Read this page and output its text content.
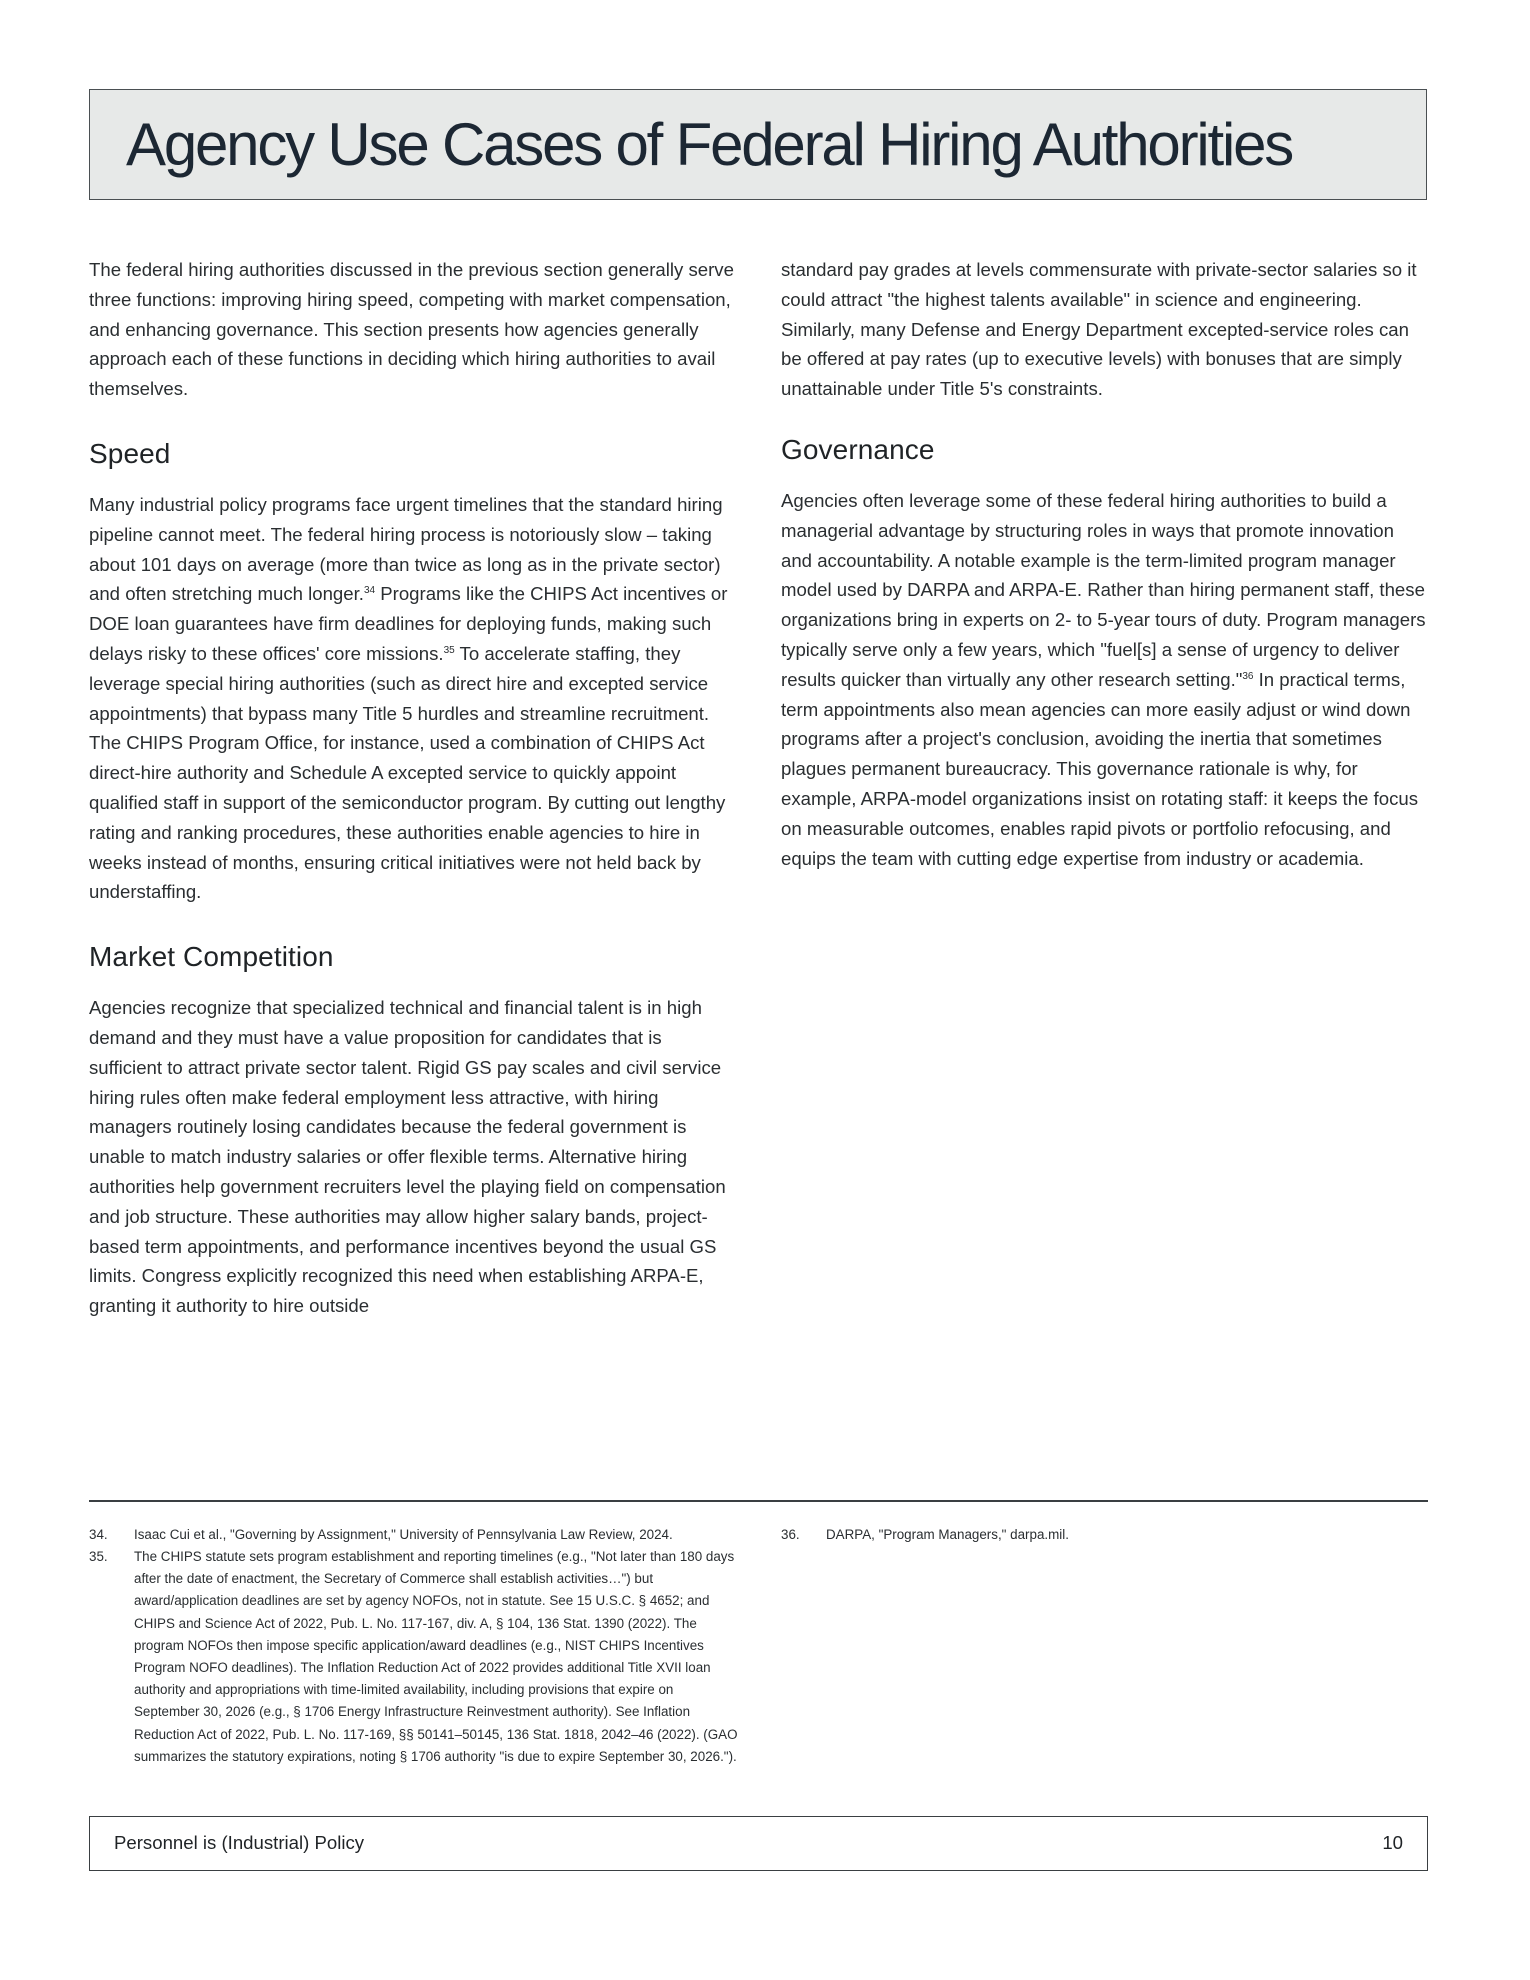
Agency Use Cases of Federal Hiring Authorities

The federal hiring authorities discussed in the previous section generally serve three functions: improving hiring speed, competing with market compensation, and enhancing governance. This section presents how agencies generally approach each of these functions in deciding which hiring authorities to avail themselves.

Speed

Many industrial policy programs face urgent timelines that the standard hiring pipeline cannot meet. The federal hiring process is notoriously slow – taking about 101 days on average (more than twice as long as in the private sector) and often stretching much longer.$^{34}$ Programs like the CHIPS Act incentives or DOE loan guarantees have firm deadlines for deploying funds, making such delays risky to these offices' core missions.$^{35}$ To accelerate staffing, they leverage special hiring authorities (such as direct hire and excepted service appointments) that bypass many Title 5 hurdles and streamline recruitment. The CHIPS Program Office, for instance, used a combination of CHIPS Act direct-hire authority and Schedule A excepted service to quickly appoint qualified staff in support of the semiconductor program. By cutting out lengthy rating and ranking procedures, these authorities enable agencies to hire in weeks instead of months, ensuring critical initiatives were not held back by understaffing.

Market Competition

Agencies recognize that specialized technical and financial talent is in high demand and they must have a value proposition for candidates that is sufficient to attract private sector talent. Rigid GS pay scales and civil service hiring rules often make federal employment less attractive, with hiring managers routinely losing candidates because the federal government is unable to match industry salaries or offer flexible terms. Alternative hiring authorities help government recruiters level the playing field on compensation and job structure. These authorities may allow higher salary bands, project-based term appointments, and performance incentives beyond the usual GS limits. Congress explicitly recognized this need when establishing ARPA-E, granting it authority to hire outside

standard pay grades at levels commensurate with private-sector salaries so it could attract "the highest talents available" in science and engineering. Similarly, many Defense and Energy Department excepted-service roles can be offered at pay rates (up to executive levels) with bonuses that are simply unattainable under Title 5's constraints.

Governance

Agencies often leverage some of these federal hiring authorities to build a managerial advantage by structuring roles in ways that promote innovation and accountability. A notable example is the term-limited program manager model used by DARPA and ARPA-E. Rather than hiring permanent staff, these organizations bring in experts on 2- to 5-year tours of duty. Program managers typically serve only a few years, which "fuel[s] a sense of urgency to deliver results quicker than virtually any other research setting."$^{36}$ In practical terms, term appointments also mean agencies can more easily adjust or wind down programs after a project's conclusion, avoiding the inertia that sometimes plagues permanent bureaucracy. This governance rationale is why, for example, ARPA-model organizations insist on rotating staff: it keeps the focus on measurable outcomes, enables rapid pivots or portfolio refocusing, and equips the team with cutting edge expertise from industry or academia.

34. Isaac Cui et al., "Governing by Assignment," University of Pennsylvania Law Review, 2024.
35. The CHIPS statute sets program establishment and reporting timelines (e.g., "Not later than 180 days after the date of enactment, the Secretary of Commerce shall establish activities…") but award/application deadlines are set by agency NOFOs, not in statute. See 15 U.S.C. § 4652; and CHIPS and Science Act of 2022, Pub. L. No. 117-167, div. A, § 104, 136 Stat. 1390 (2022). The program NOFOs then impose specific application/award deadlines (e.g., NIST CHIPS Incentives Program NOFO deadlines). The Inflation Reduction Act of 2022 provides additional Title XVII loan authority and appropriations with time-limited availability, including provisions that expire on September 30, 2026 (e.g., § 1706 Energy Infrastructure Reinvestment authority). See Inflation Reduction Act of 2022, Pub. L. No. 117-169, §§ 50141–50145, 136 Stat. 1818, 2042–46 (2022). (GAO summarizes the statutory expirations, noting § 1706 authority "is due to expire September 30, 2026.").
36. DARPA, "Program Managers," darpa.mil.
Personnel is (Industrial) Policy	10
